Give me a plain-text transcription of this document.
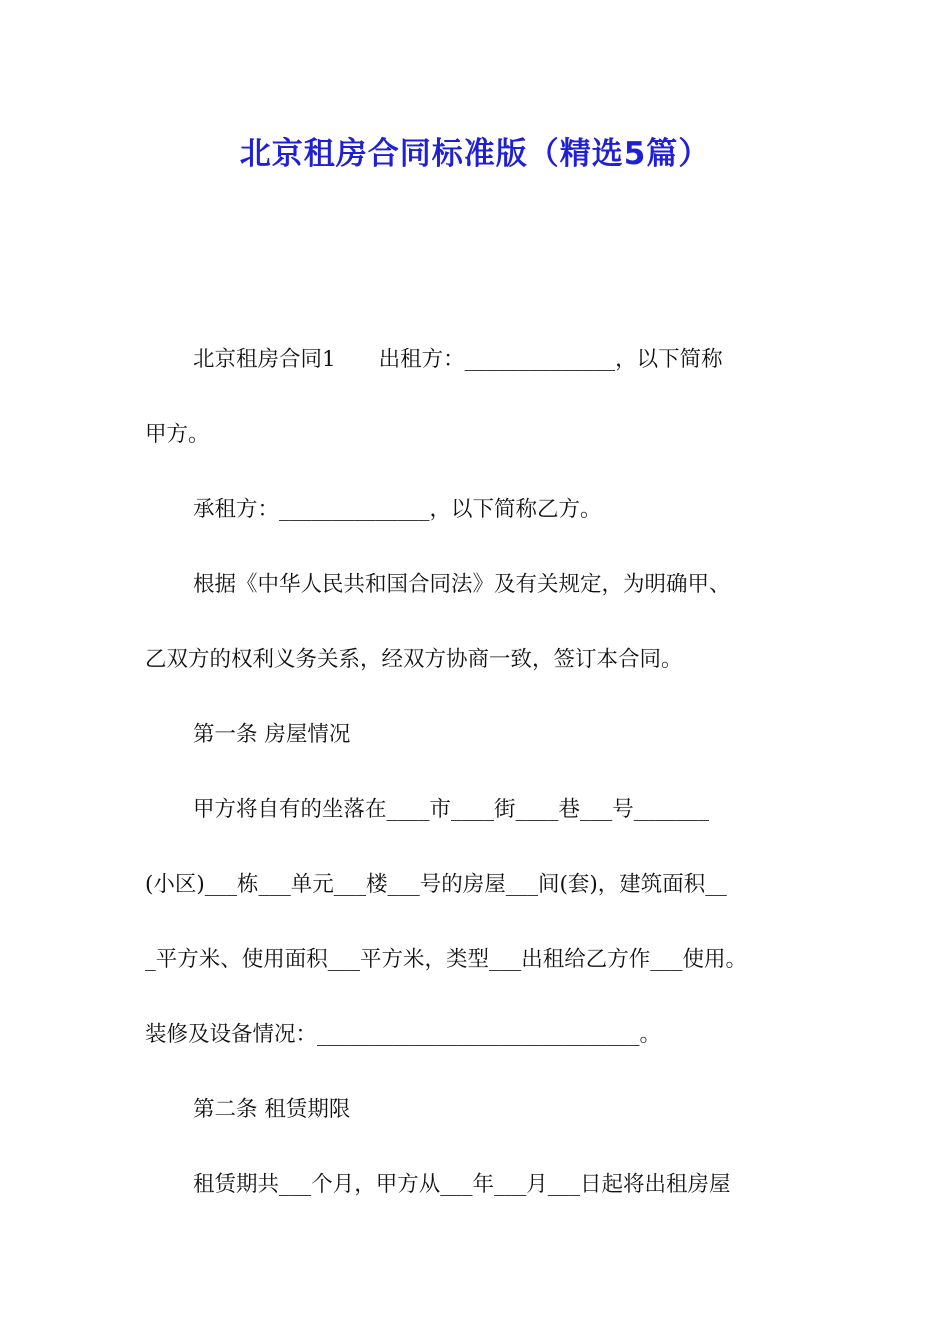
北京租房合同标准版（精选5篇）
北京租房合同1　　出租方：______________，以下简称
甲方。
承租方：______________，以下简称乙方。
根据《中华人民共和国合同法》及有关规定，为明确甲、
乙双方的权利义务关系，经双方协商一致，签订本合同。
第一条 房屋情况
甲方将自有的坐落在____市____街____巷___号_______
(小区)___栋___单元___楼___号的房屋___间(套)，建筑面积__
_平方米、使用面积___平方米，类型___出租给乙方作___使用。
装修及设备情况：______________________________。
第二条 租赁期限
租赁期共___个月，甲方从___年___月___日起将出租房屋
